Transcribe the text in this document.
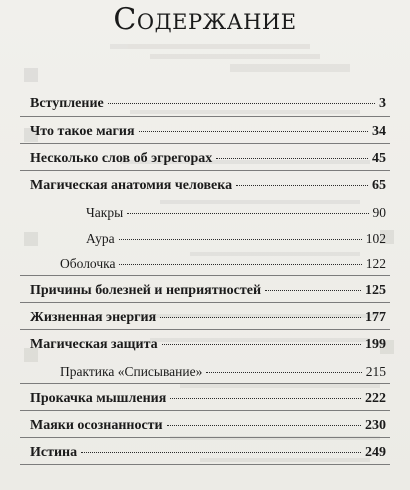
Содержание
Вступление	3
Что такое магия	34
Несколько слов об эгрегорах	45
Магическая анатомия человека	65
Чакры	90
Аура	102
Оболочка	122
Причины болезней и неприятностей	125
Жизненная энергия	177
Магическая защита	199
Практика «Списывание»	215
Прокачка мышления	222
Маяки осознанности	230
Истина	249
